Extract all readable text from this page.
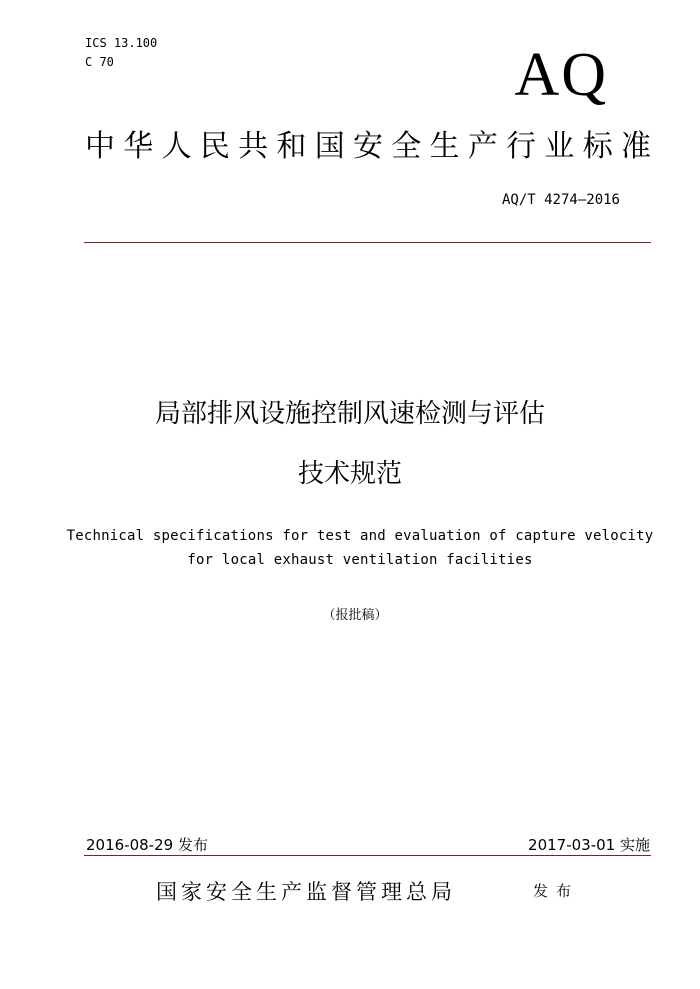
ICS 13.100
C 70	AQ
中华人民共和国安全生产行业标准
AQ/T 4274—2016
局部排风设施控制风速检测与评估
技术规范
Technical specifications for test and evaluation of capture velocity
for local exhaust ventilation facilities
（报批稿）
2016-08-29 发布	2017-03-01 实施
国家安全生产监督管理总局	发布
